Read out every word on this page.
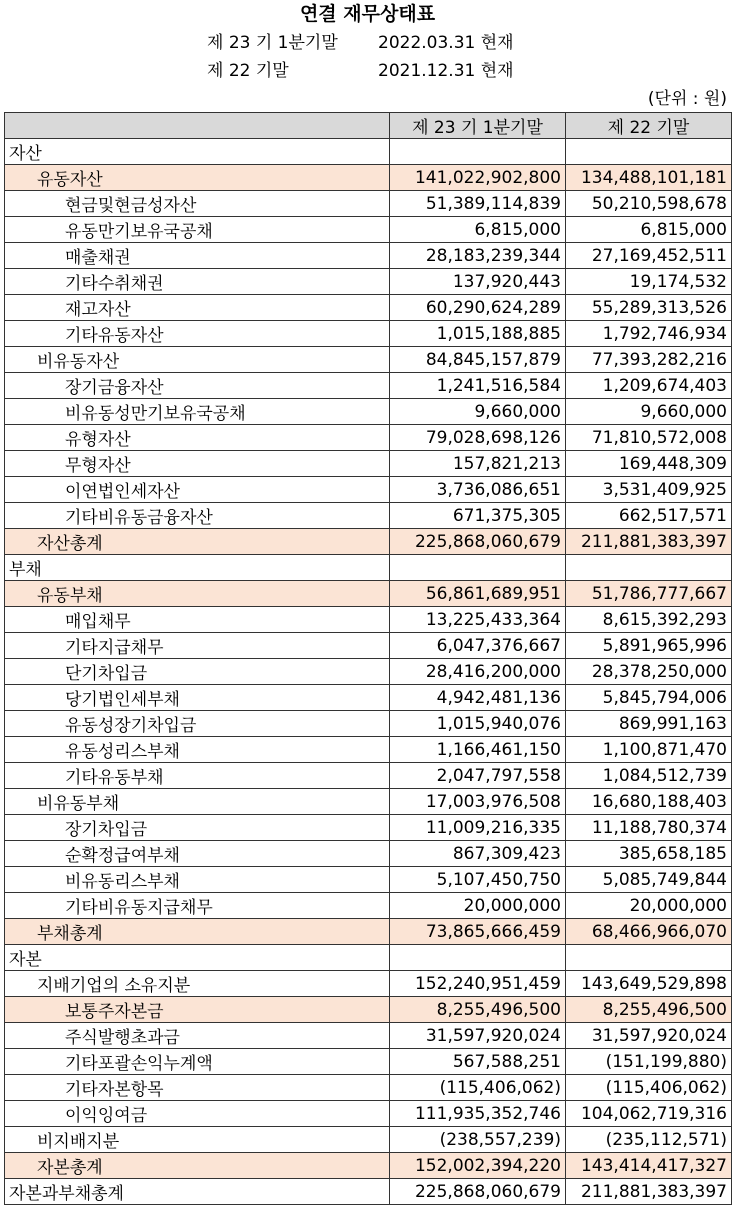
연결 재무상태표
제 23 기 1분기말 2022.03.31 현재
제 22 기말	2021.12.31 현재
(단위 : 원)
	제 23 기 1분기말	제 22 기말
자산		
유동자산	141,022,902,800	134,488,101,181
현금및현금성자산	51,389,114,839	50,210,598,678
유동만기보유국공채	6,815,000	6,815,000
매출채권	28,183,239,344	27,169,452,511
기타수취채권	137,920,443	19,174,532
재고자산	60,290,624,289	55,289,313,526
기타유동자산	1,015,188,885	1,792,746,934
비유동자산	84,845,157,879	77,393,282,216
장기금융자산	1,241,516,584	1,209,674,403
비유동성만기보유국공채	9,660,000	9,660,000
유형자산	79,028,698,126	71,810,572,008
무형자산	157,821,213	169,448,309
이연법인세자산	3,736,086,651	3,531,409,925
기타비유동금융자산	671,375,305	662,517,571
자산총계	225,868,060,679	211,881,383,397
부채		
유동부채	56,861,689,951	51,786,777,667
매입채무	13,225,433,364	8,615,392,293
기타지급채무	6,047,376,667	5,891,965,996
단기차입금	28,416,200,000	28,378,250,000
당기법인세부채	4,942,481,136	5,845,794,006
유동성장기차입금	1,015,940,076	869,991,163
유동성리스부채	1,166,461,150	1,100,871,470
기타유동부채	2,047,797,558	1,084,512,739
비유동부채	17,003,976,508	16,680,188,403
장기차입금	11,009,216,335	11,188,780,374
순확정급여부채	867,309,423	385,658,185
비유동리스부채	5,107,450,750	5,085,749,844
기타비유동지급채무	20,000,000	20,000,000
부채총계	73,865,666,459	68,466,966,070
자본		
지배기업의 소유지분	152,240,951,459	143,649,529,898
보통주자본금	8,255,496,500	8,255,496,500
주식발행초과금	31,597,920,024	31,597,920,024
기타포괄손익누계액	567,588,251	(151,199,880)
기타자본항목	(115,406,062)	(115,406,062)
이익잉여금	111,935,352,746	104,062,719,316
비지배지분	(238,557,239)	(235,112,571)
자본총계	152,002,394,220	143,414,417,327
자본과부채총계	225,868,060,679	211,881,383,397
